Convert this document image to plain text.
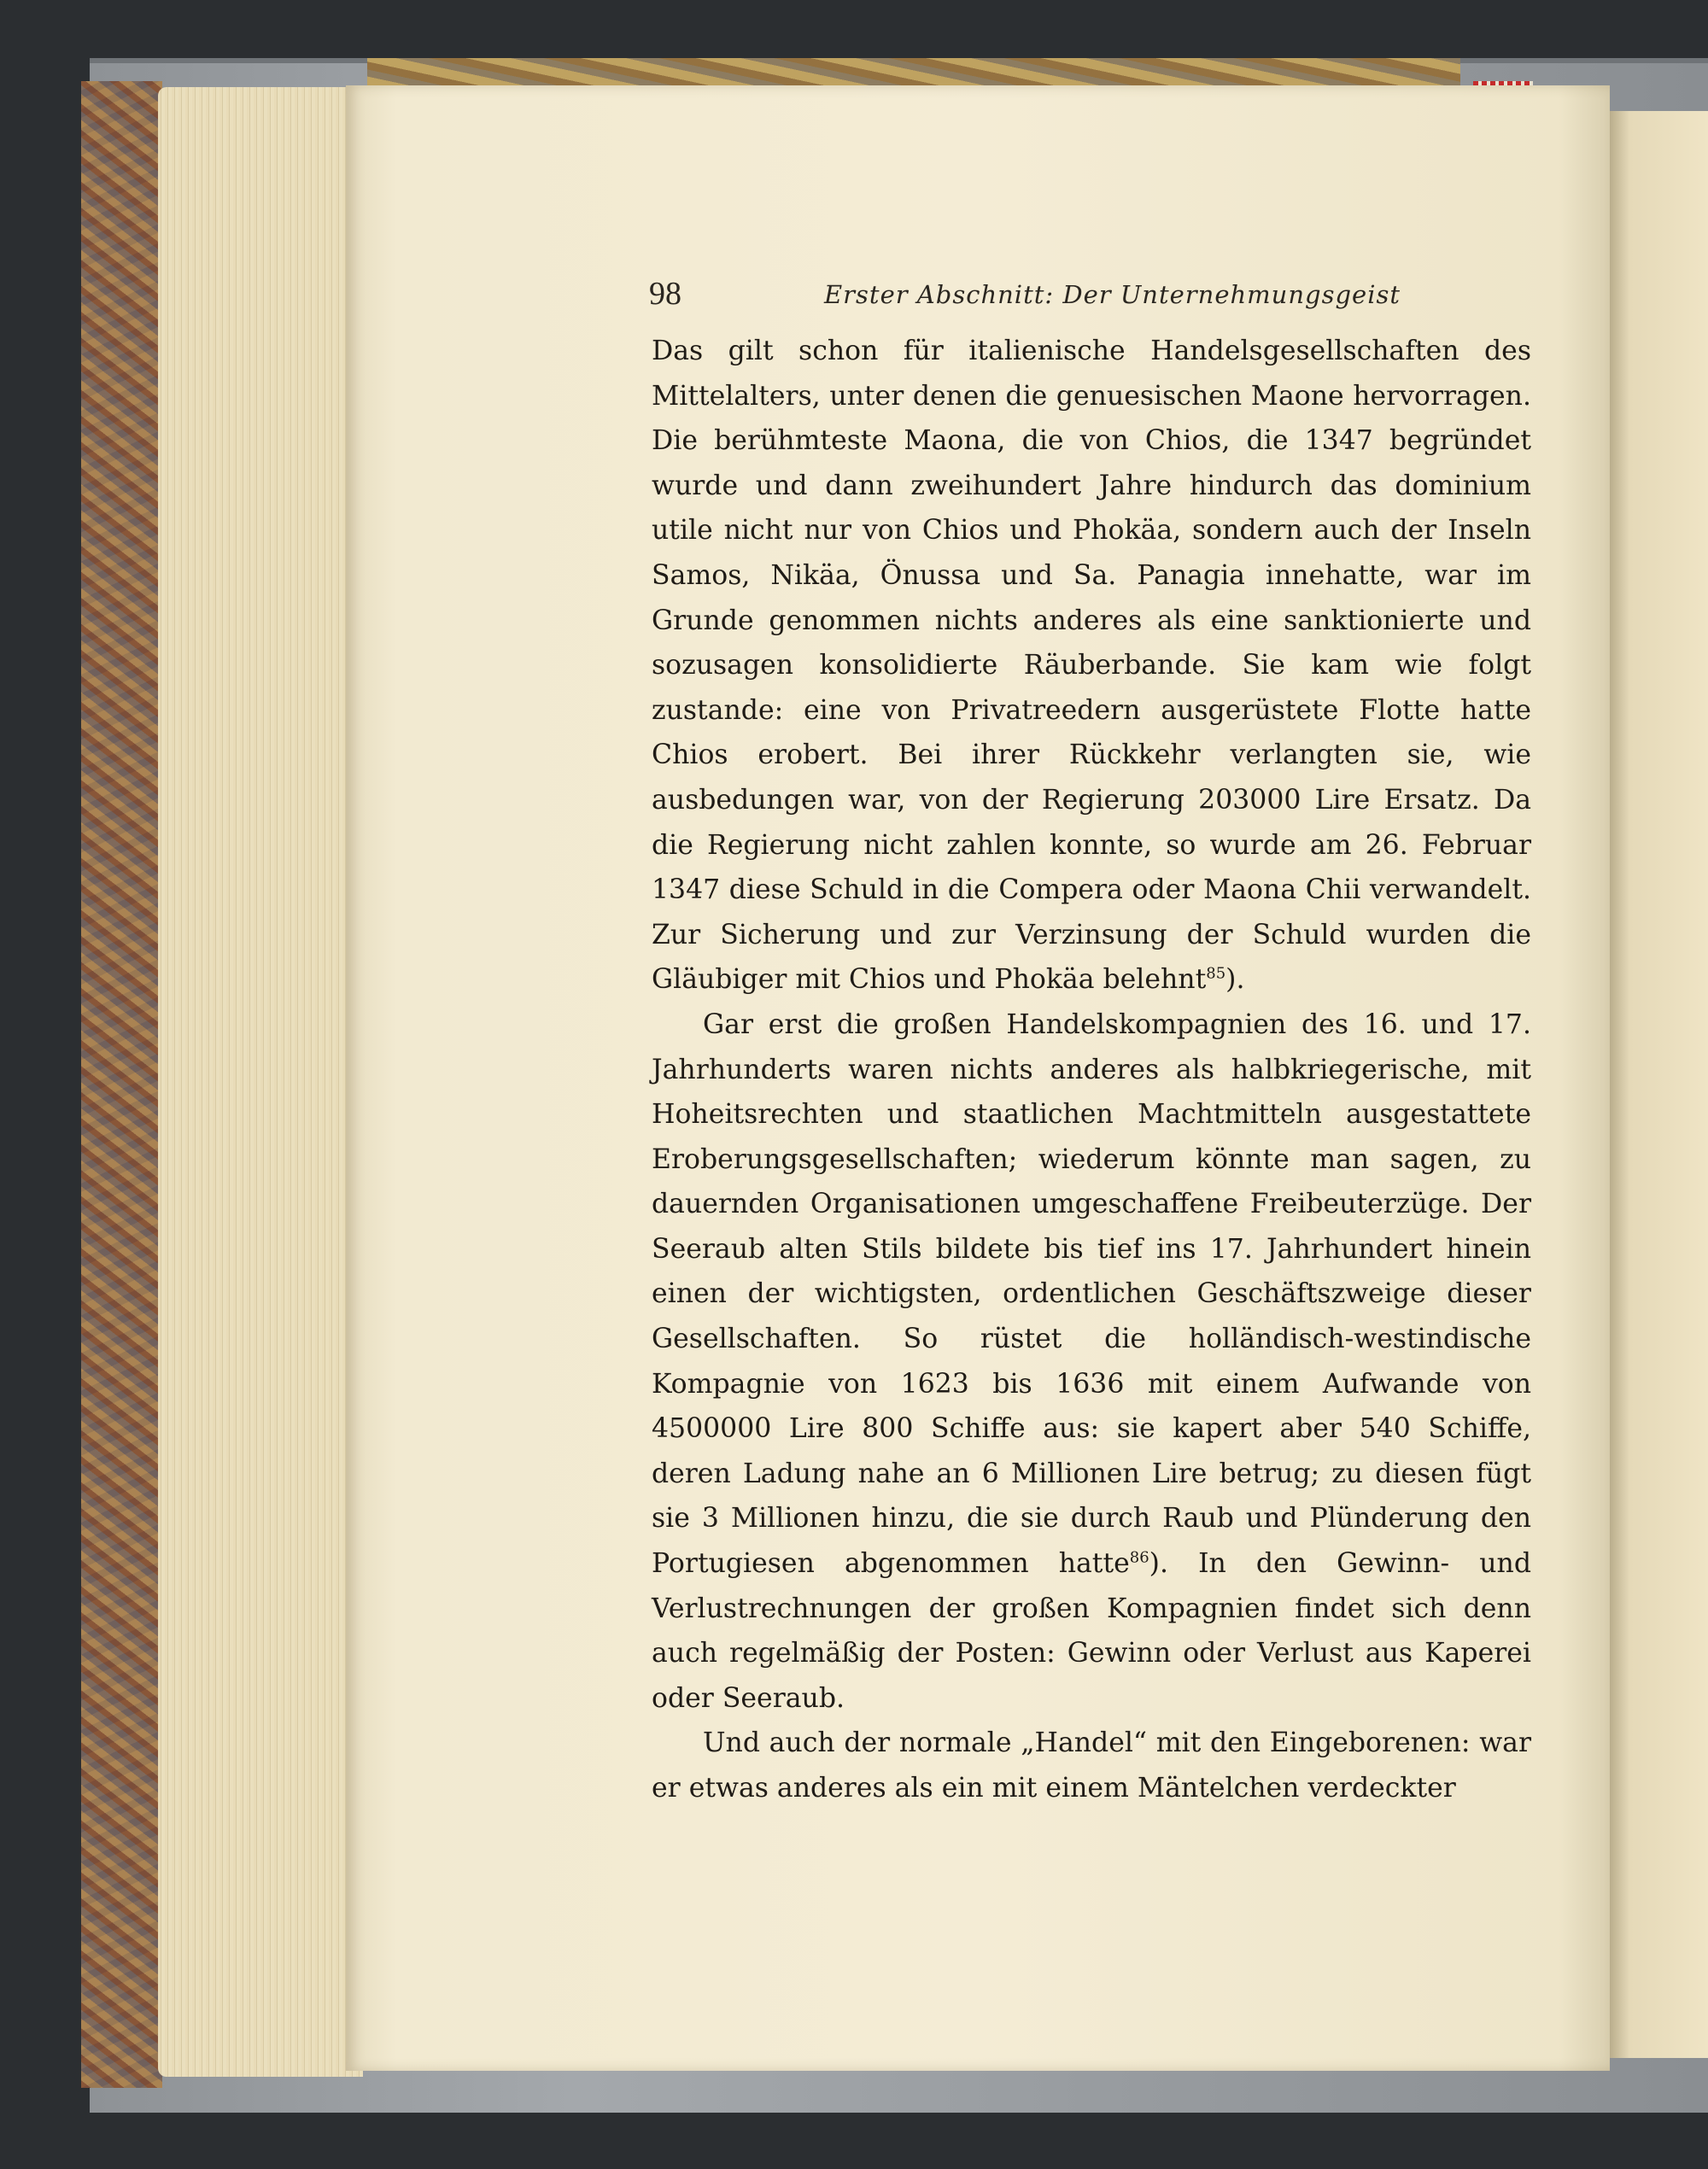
98	Erster Abschnitt: Der Unternehmungsgeist

Das gilt schon für italienische Handelsgesellschaften des Mittelalters, unter denen die genuesischen Maone hervorragen. Die berühmteste Maona, die von Chios, die 1347 begründet wurde und dann zweihundert Jahre hindurch das dominium utile nicht nur von Chios und Phokäa, sondern auch der Inseln Samos, Nikäa, Önussa und Sa. Panagia innehatte, war im Grunde genommen nichts anderes als eine sanktionierte und sozusagen konsolidierte Räuberbande. Sie kam wie folgt zustande: eine von Privatreedern ausgerüstete Flotte hatte Chios erobert. Bei ihrer Rückkehr verlangten sie, wie ausbedungen war, von der Regierung 203000 Lire Ersatz. Da die Regierung nicht zahlen konnte, so wurde am 26. Februar 1347 diese Schuld in die Compera oder Maona Chii verwandelt. Zur Sicherung und zur Verzinsung der Schuld wurden die Gläubiger mit Chios und Phokäa belehnt$^{85}$).

Gar erst die großen Handelskompagnien des 16. und 17. Jahrhunderts waren nichts anderes als halbkriegerische, mit Hoheitsrechten und staatlichen Machtmitteln ausgestattete Eroberungsgesellschaften; wiederum könnte man sagen, zu dauernden Organisationen umgeschaffene Freibeuterzüge. Der Seeraub alten Stils bildete bis tief ins 17. Jahrhundert hinein einen der wichtigsten, ordentlichen Geschäftszweige dieser Gesellschaften. So rüstet die holländisch-westindische Kompagnie von 1623 bis 1636 mit einem Aufwande von 4500000 Lire 800 Schiffe aus: sie kapert aber 540 Schiffe, deren Ladung nahe an 6 Millionen Lire betrug; zu diesen fügt sie 3 Millionen hinzu, die sie durch Raub und Plünderung den Portugiesen abgenommen hatte$^{86}$). In den Gewinn- und Verlustrechnungen der großen Kompagnien findet sich denn auch regelmäßig der Posten: Gewinn oder Verlust aus Kaperei oder Seeraub.

Und auch der normale „Handel“ mit den Eingeborenen: war er etwas anderes als ein mit einem Mäntelchen verdeckter
